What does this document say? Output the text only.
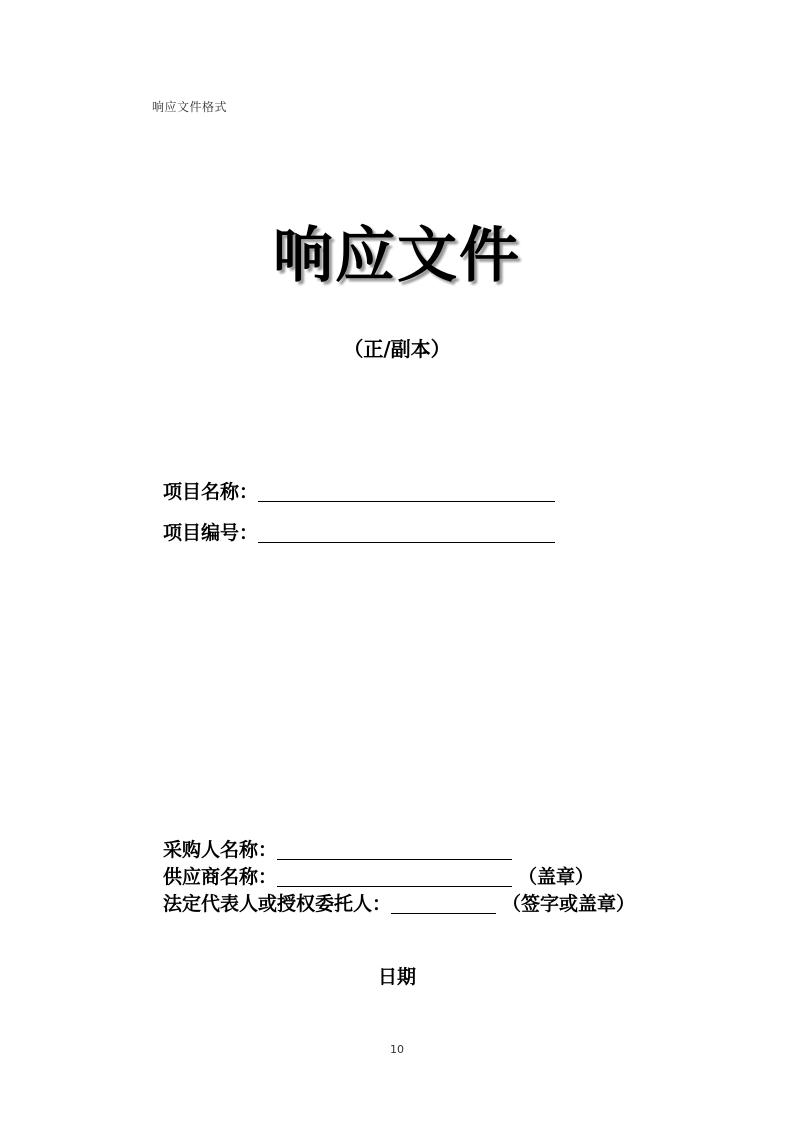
响应文件格式
响应文件
（正/副本）
项目名称：
项目编号：
采购人名称：
供应商名称：	（盖章）
法定代表人或授权委托人：	（签字或盖章）
日期
10
